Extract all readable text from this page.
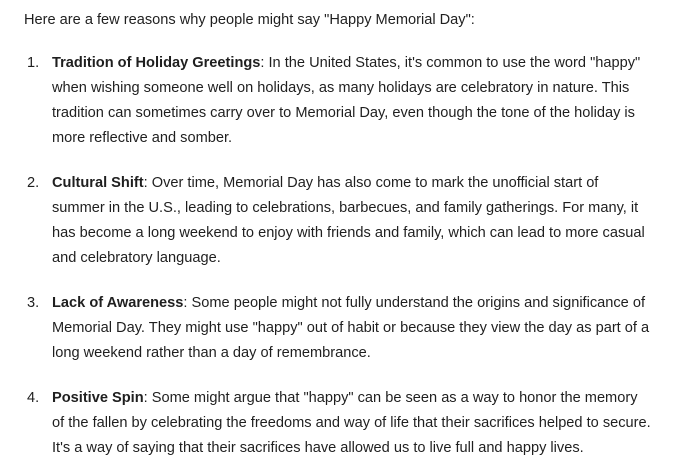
Here are a few reasons why people might say "Happy Memorial Day":

1. Tradition of Holiday Greetings: In the United States, it's common to use the word "happy" when wishing someone well on holidays, as many holidays are celebratory in nature. This tradition can sometimes carry over to Memorial Day, even though the tone of the holiday is more reflective and somber.
2. Cultural Shift: Over time, Memorial Day has also come to mark the unofficial start of summer in the U.S., leading to celebrations, barbecues, and family gatherings. For many, it has become a long weekend to enjoy with friends and family, which can lead to more casual and celebratory language.
3. Lack of Awareness: Some people might not fully understand the origins and significance of Memorial Day. They might use "happy" out of habit or because they view the day as part of a long weekend rather than a day of remembrance.
4. Positive Spin: Some might argue that "happy" can be seen as a way to honor the memory of the fallen by celebrating the freedoms and way of life that their sacrifices helped to secure. It's a way of saying that their sacrifices have allowed us to live full and happy lives.
